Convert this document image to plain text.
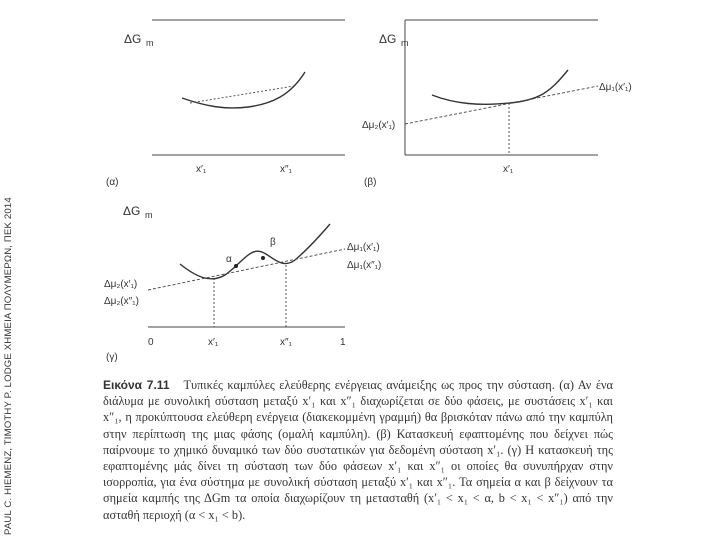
PAUL C. HIEMENZ, TIMOTHY P. LODGE ΧΗΜΕΙΑ ΠΟΛΥΜΕΡΩΝ, ΠΕΚ 2014
ΔG m
x′₁	x″₁
(α)
ΔG m
Δμ₁(x′₁)
Δμ₂(x′₁)
x′₁
(β)
ΔG m
α
β	Δμ₁(x′₁)
Δμ₁(x″₁)
Δμ₂(x′₁)
Δμ₂(x″₁)
0	x′₁	x″₁	1
(γ)
Εικόνα 7.11 Τυπικές καμπύλες ελεύθερης ενέργειας ανάμειξης ως προς την σύσταση. (α) Αν ένα διάλυμα με συνολική σύσταση μεταξύ x′₁ και x″₁ διαχωρίζεται σε δύο φάσεις, με συστάσεις x′₁ και x″₁, η προκύπτουσα ελεύθερη ενέργεια (διακεκομμένη γραμμή) θα βρισκόταν πάνω από την καμπύλη στην περίπτωση της μιας φάσης (ομαλή καμπύλη). (β) Κατασκευή εφαπτομένης που δείχνει πώς παίρνουμε το χημικό δυναμικό των δύο συστατικών για δεδομένη σύσταση x′₁. (γ) Η κατασκευή της εφαπτομένης μάς δίνει τη σύσταση των δύο φάσεων x′₁ και x″₁ οι οποίες θα συνυπήρχαν στην ισορροπία, για ένα σύστημα με συνολική σύσταση μεταξύ x′₁ και x″₁. Τα σημεία α και β δείχνουν τα σημεία καμπής της ΔGm τα οποία διαχωρίζουν τη μετασταθή (x′₁ < x₁ < α, b < x₁ < x″₁) από την ασταθή περιοχή (α < x₁ < b).
